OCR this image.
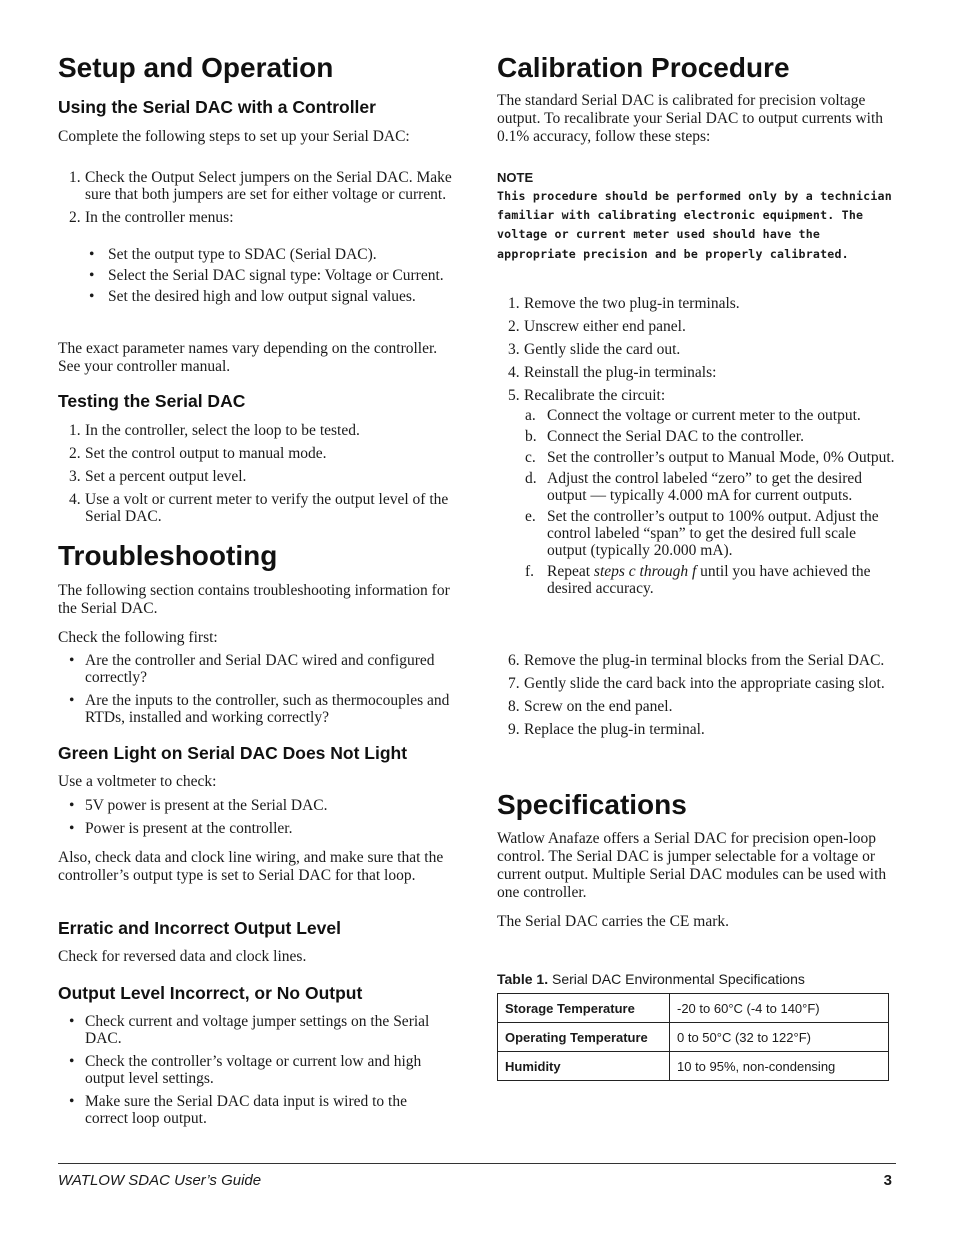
Setup and Operation
Using the Serial DAC with a Controller

Complete the following steps to set up your Serial DAC:

1. Check the Output Select jumpers on the Serial DAC. Make sure that both jumpers are set for either voltage or current.
2. In the controller menus:
• Set the output type to SDAC (Serial DAC).
• Select the Serial DAC signal type: Voltage or Current.
• Set the desired high and low output signal values.

The exact parameter names vary depending on the controller. See your controller manual.

Testing the Serial DAC
1. In the controller, select the loop to be tested.
2. Set the control output to manual mode.
3. Set a percent output level.
4. Use a volt or current meter to verify the output level of the Serial DAC.
Troubleshooting

The following section contains troubleshooting information for the Serial DAC.

Check the following first:

• Are the controller and Serial DAC wired and configured correctly?
• Are the inputs to the controller, such as thermocouples and RTDs, installed and working correctly?
Green Light on Serial DAC Does Not Light

Use a voltmeter to check:

• 5V power is present at the Serial DAC.
• Power is present at the controller.

Also, check data and clock line wiring, and make sure that the controller’s output type is set to Serial DAC for that loop.

Erratic and Incorrect Output Level

Check for reversed data and clock lines.

Output Level Incorrect, or No Output
• Check current and voltage jumper settings on the Serial DAC.
• Check the controller’s voltage or current low and high output level settings.
• Make sure the Serial DAC data input is wired to the correct loop output.
Calibration Procedure

The standard Serial DAC is calibrated for precision voltage output. To recalibrate your Serial DAC to output currents with 0.1% accuracy, follow these steps:

NOTE
This procedure should be performed only by a technician familiar with calibrating electronic equipment. The voltage or current meter used should have the appropriate precision and be properly calibrated.
1. Remove the two plug-in terminals.
2. Unscrew either end panel.
3. Gently slide the card out.
4. Reinstall the plug-in terminals:
5. Recalibrate the circuit:
a. Connect the voltage or current meter to the output.
b. Connect the Serial DAC to the controller.
c. Set the controller’s output to Manual Mode, 0% Output.
d. Adjust the control labeled “zero” to get the desired output — typically 4.000 mA for current outputs.
e. Set the controller’s output to 100% output. Adjust the control labeled “span” to get the desired full scale output (typically 20.000 mA).
f. Repeat steps c through f until you have achieved the desired accuracy.
6. Remove the plug-in terminal blocks from the Serial DAC.
7. Gently slide the card back into the appropriate casing slot.
8. Screw on the end panel.
9. Replace the plug-in terminal.
Specifications

Watlow Anafaze offers a Serial DAC for precision open-loop control. The Serial DAC is jumper selectable for a voltage or current output. Multiple Serial DAC modules can be used with one controller.

The Serial DAC carries the CE mark.

Table 1. Serial DAC Environmental Specifications
Storage Temperature	-20 to 60°C (-4 to 140°F)
Operating Temperature	0 to 50°C (32 to 122°F)
Humidity	10 to 95%, non-condensing
WATLOW SDAC User’s Guide	3
